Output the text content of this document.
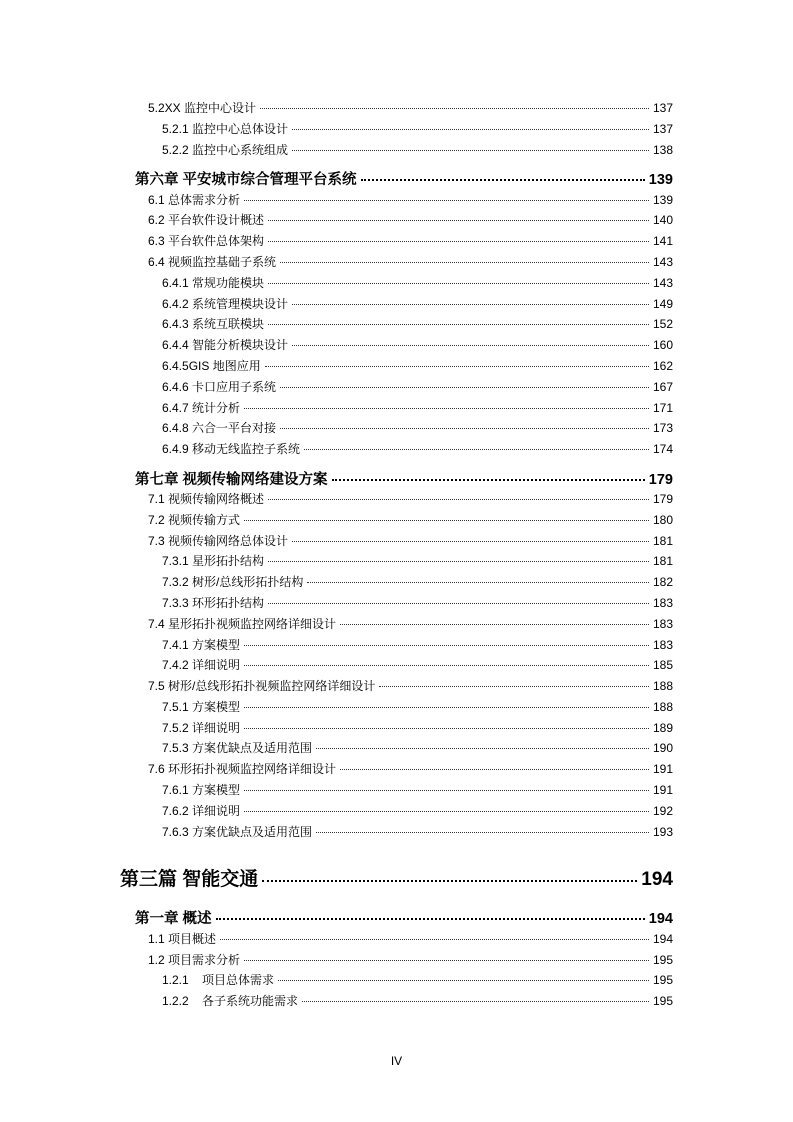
5.2XX 监控中心设计	137
5.2.1 监控中心总体设计	137
5.2.2 监控中心系统组成	138
第六章 平安城市综合管理平台系统	139
6.1 总体需求分析	139
6.2 平台软件设计概述	140
6.3 平台软件总体架构	141
6.4 视频监控基础子系统	143
6.4.1 常规功能模块	143
6.4.2 系统管理模块设计	149
6.4.3 系统互联模块	152
6.4.4 智能分析模块设计	160
6.4.5GIS 地图应用	162
6.4.6 卡口应用子系统	167
6.4.7 统计分析	171
6.4.8 六合一平台对接	173
6.4.9 移动无线监控子系统	174
第七章 视频传输网络建设方案	179
7.1 视频传输网络概述	179
7.2 视频传输方式	180
7.3 视频传输网络总体设计	181
7.3.1 星形拓扑结构	181
7.3.2 树形/总线形拓扑结构	182
7.3.3 环形拓扑结构	183
7.4 星形拓扑视频监控网络详细设计	183
7.4.1 方案模型	183
7.4.2 详细说明	185
7.5 树形/总线形拓扑视频监控网络详细设计	188
7.5.1 方案模型	188
7.5.2 详细说明	189
7.5.3 方案优缺点及适用范围	190
7.6 环形拓扑视频监控网络详细设计	191
7.6.1 方案模型	191
7.6.2 详细说明	192
7.6.3 方案优缺点及适用范围	193
第三篇 智能交通	194
第一章 概述	194
1.1 项目概述	194
1.2 项目需求分析	195
1.2.1    项目总体需求	195
1.2.2    各子系统功能需求	195
IV
